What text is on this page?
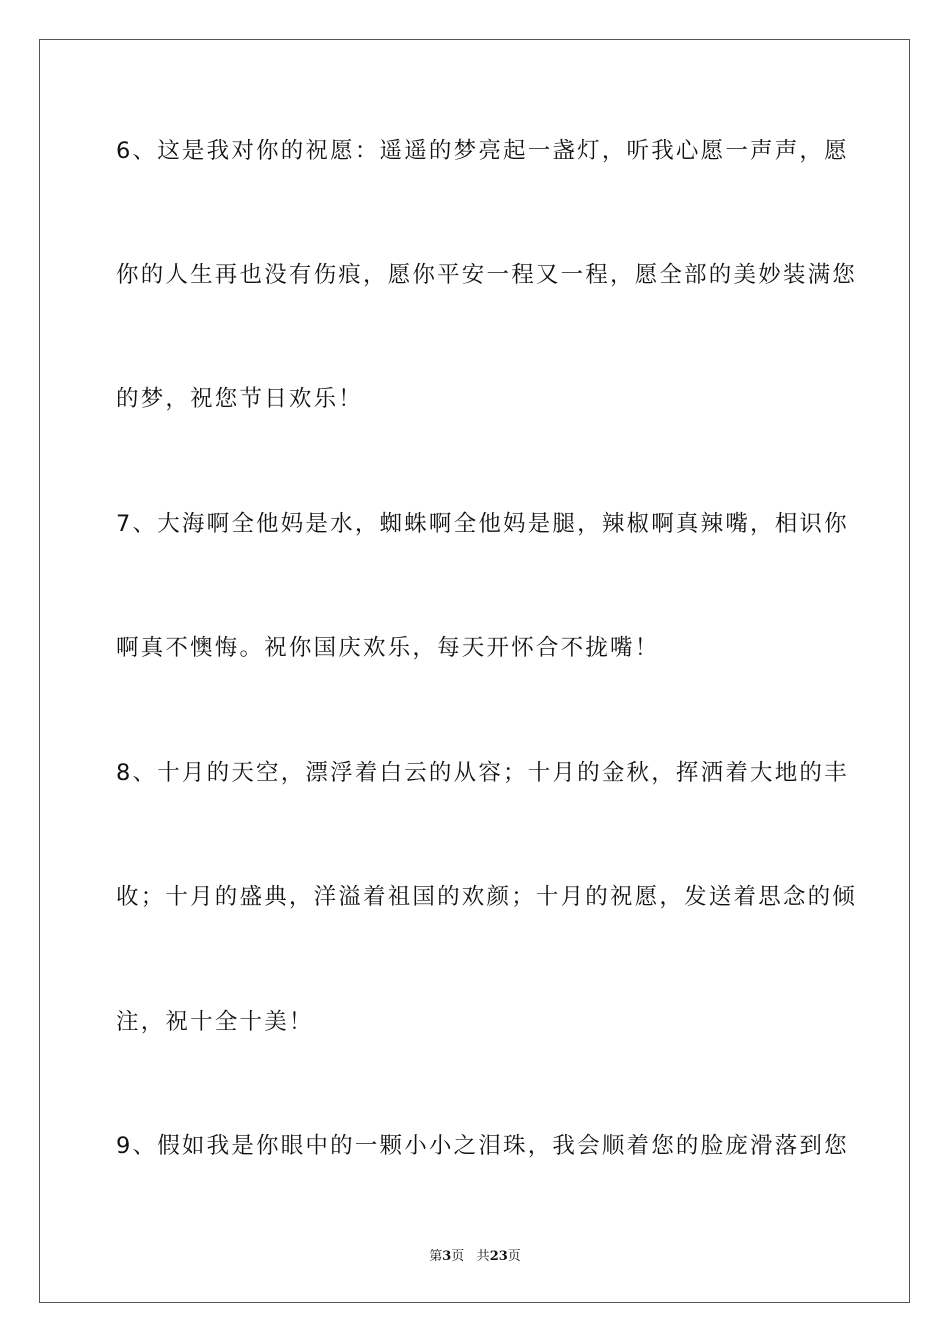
6、这是我对你的祝愿：遥遥的梦亮起一盏灯，听我心愿一声声，愿
你的人生再也没有伤痕，愿你平安一程又一程，愿全部的美妙装满您
的梦，祝您节日欢乐！
7、大海啊全他妈是水，蜘蛛啊全他妈是腿，辣椒啊真辣嘴，相识你
啊真不懊悔。祝你国庆欢乐，每天开怀合不拢嘴！
8、十月的天空，漂浮着白云的从容；十月的金秋，挥洒着大地的丰
收；十月的盛典，洋溢着祖国的欢颜；十月的祝愿，发送着思念的倾
注，祝十全十美！
9、假如我是你眼中的一颗小小之泪珠，我会顺着您的脸庞滑落到您
第3页 共23页
